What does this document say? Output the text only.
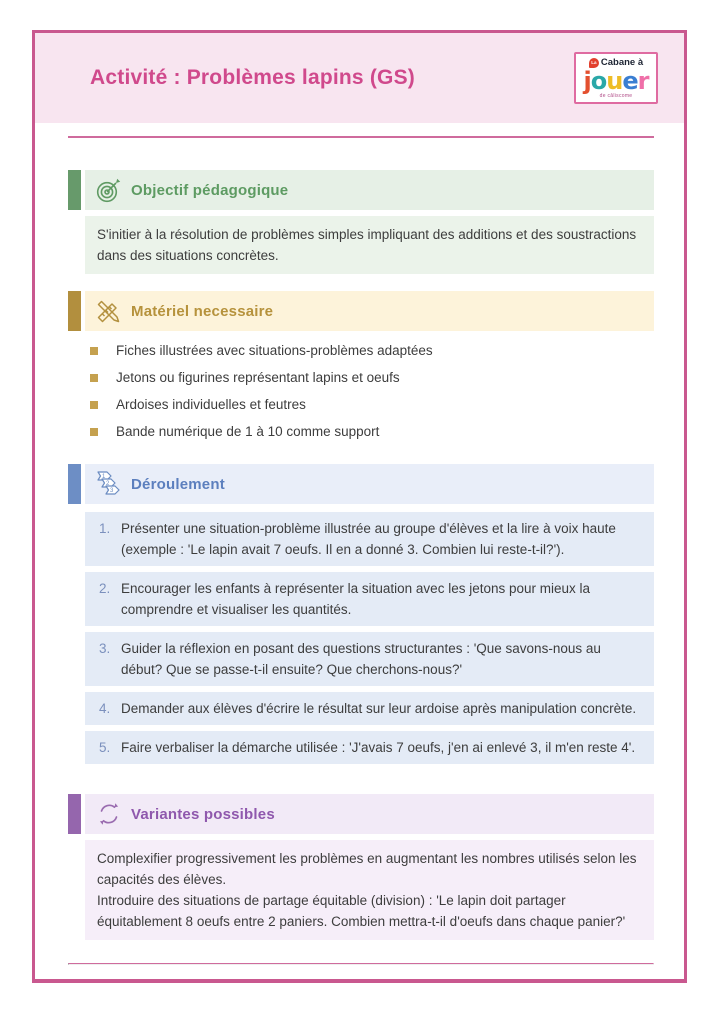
Activité : Problèmes lapins (GS)
La Cabane à
jouer
de câliscome
Objectif pédagogique

S'initier à la résolution de problèmes simples impliquant des additions et des soustractions dans des situations concrètes.

Matériel necessaire
Fiches illustrées avec situations-problèmes adaptées
Jetons ou figurines représentant lapins et oeufs
Ardoises individuelles et feutres
Bande numérique de 1 à 10 comme support
1
2
3 Déroulement
1. Présenter une situation-problème illustrée au groupe d'élèves et la lire à voix haute (exemple : 'Le lapin avait 7 oeufs. Il en a donné 3. Combien lui reste-t-il?').
2. Encourager les enfants à représenter la situation avec les jetons pour mieux la comprendre et visualiser les quantités.
3. Guider la réflexion en posant des questions structurantes : 'Que savons-nous au début? Que se passe-t-il ensuite? Que cherchons-nous?'
4. Demander aux élèves d'écrire le résultat sur leur ardoise après manipulation concrète.
5. Faire verbaliser la démarche utilisée : 'J'avais 7 oeufs, j'en ai enlevé 3, il m'en reste 4'.
Variantes possibles

Complexifier progressivement les problèmes en augmentant les nombres utilisés selon les capacités des élèves.

Introduire des situations de partage équitable (division) : 'Le lapin doit partager équitablement 8 oeufs entre 2 paniers. Combien mettra-t-il d'oeufs dans chaque panier?'
